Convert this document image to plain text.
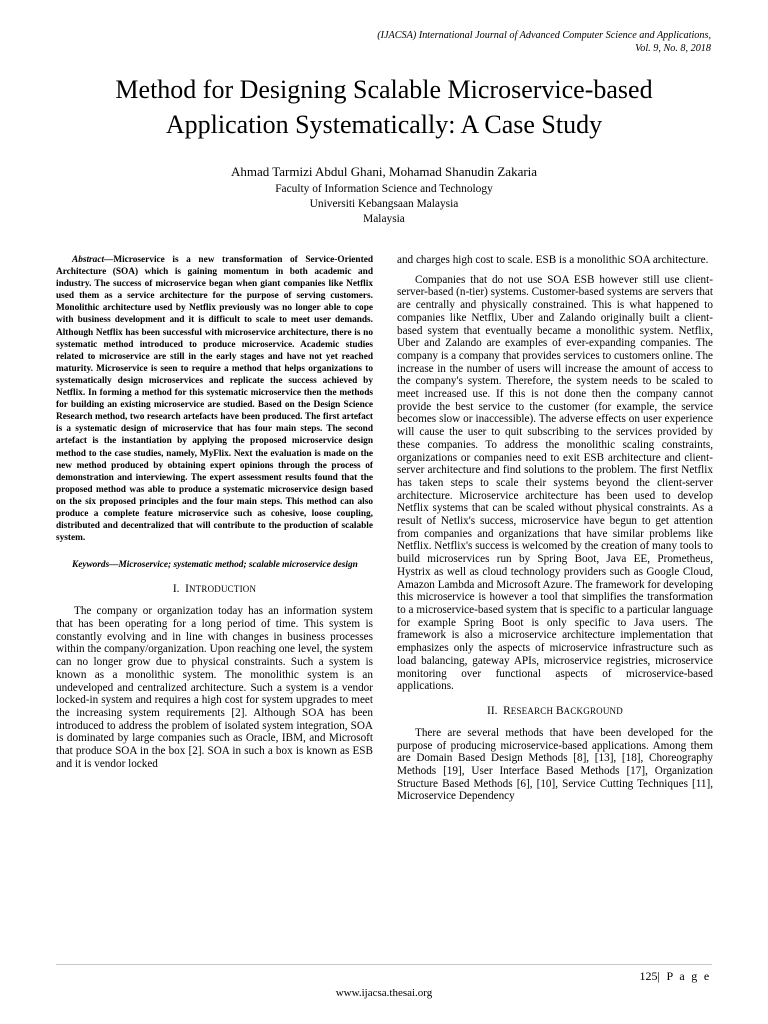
(IJACSA) International Journal of Advanced Computer Science and Applications,
Vol. 9, No. 8, 2018
Method for Designing Scalable Microservice-based
Application Systematically: A Case Study
Ahmad Tarmizi Abdul Ghani, Mohamad Shanudin Zakaria
Faculty of Information Science and Technology
Universiti Kebangsaan Malaysia
Malaysia

Abstract—Microservice is a new transformation of Service-Oriented Architecture (SOA) which is gaining momentum in both academic and industry. The success of microservice began when giant companies like Netflix used them as a service architecture for the purpose of serving customers. Monolithic architecture used by Netflix previously was no longer able to cope with business development and it is difficult to scale to meet user demands. Although Netflix has been successful with microservice architecture, there is no systematic method introduced to produce microservice. Academic studies related to microservice are still in the early stages and have not yet reached maturity. Microservice is seen to require a method that helps organizations to systematically design microservices and replicate the success achieved by Netflix. In forming a method for this systematic microservice then the methods for building an existing microservice are studied. Based on the Design Science Research method, two research artefacts have been produced. The first artefact is a systematic design of microservice that has four main steps. The second artefact is the instantiation by applying the proposed microservice design method to the case studies, namely, MyFlix. Next the evaluation is made on the new method produced by obtaining expert opinions through the process of demonstration and interviewing. The expert assessment results found that the proposed method was able to produce a systematic microservice design based on the six proposed principles and the four main steps. This method can also produce a complete feature microservice such as cohesive, loose coupling, distributed and decentralized that will contribute to the production of scalable system.

Keywords—Microservice; systematic method; scalable microservice design

I. INTRODUCTION

The company or organization today has an information system that has been operating for a long period of time. This system is constantly evolving and in line with changes in business processes within the company/organization. Upon reaching one level, the system can no longer grow due to physical constraints. Such a system is known as a monolithic system. The monolithic system is an undeveloped and centralized architecture. Such a system is a vendor locked-in system and requires a high cost for system upgrades to meet the increasing system requirements [2]. Although SOA has been introduced to address the problem of isolated system integration, SOA is dominated by large companies such as Oracle, IBM, and Microsoft that produce SOA in the box [2]. SOA in such a box is known as ESB and it is vendor locked

and charges high cost to scale. ESB is a monolithic SOA architecture.

Companies that do not use SOA ESB however still use client-server-based (n-tier) systems. Customer-based systems are servers that are centrally and physically constrained. This is what happened to companies like Netflix, Uber and Zalando originally built a client-based system that eventually became a monolithic system. Netflix, Uber and Zalando are examples of ever-expanding companies. The company is a company that provides services to customers online. The increase in the number of users will increase the amount of access to the company's system. Therefore, the system needs to be scaled to meet increased use. If this is not done then the company cannot provide the best service to the customer (for example, the service becomes slow or inaccessible). The adverse effects on user experience will cause the user to quit subscribing to the services provided by these companies. To address the monolithic scaling constraints, organizations or companies need to exit ESB architecture and client-server architecture and find solutions to the problem. The first Netflix has taken steps to scale their systems beyond the client-server architecture. Microservice architecture has been used to develop Netflix systems that can be scaled without physical constraints. As a result of Netlix's success, microservice have begun to get attention from companies and organizations that have similar problems like Netflix. Netflix's success is welcomed by the creation of many tools to build microservices run by Spring Boot, Java EE, Prometheus, Hystrix as well as cloud technology providers such as Google Cloud, Amazon Lambda and Microsoft Azure. The framework for developing this microservice is however a tool that simplifies the transformation to a microservice-based system that is specific to a particular language for example Spring Boot is only specific to Java users. The framework is also a microservice architecture implementation that emphasizes only the aspects of microservice infrastructure such as load balancing, gateway APIs, microservice registries, microservice monitoring over functional aspects of microservice-based applications.

II. RESEARCH BACKGROUND

There are several methods that have been developed for the purpose of producing microservice-based applications. Among them are Domain Based Design Methods [8], [13], [18], Choreography Methods [19], User Interface Based Methods [17], Organization Structure Based Methods [6], [10], Service Cutting Techniques [11], Microservice Dependency

125| P a g e
www.ijacsa.thesai.org
